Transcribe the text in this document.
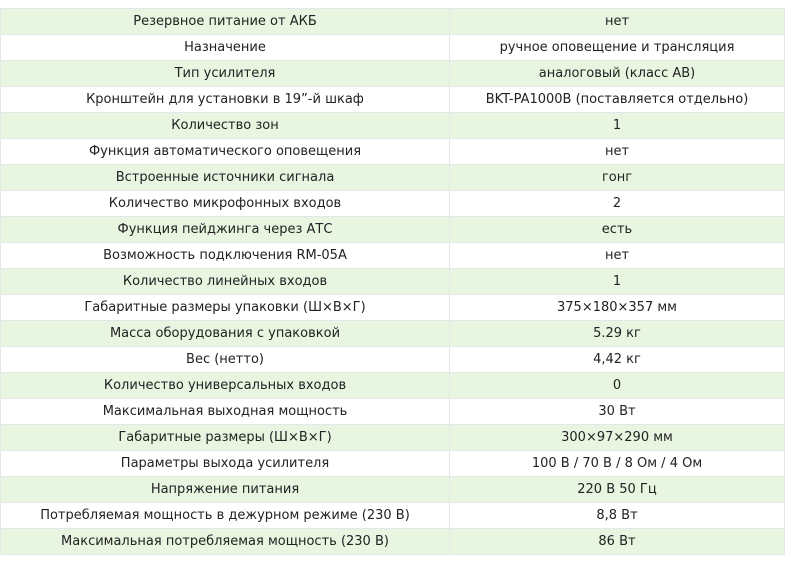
Резервное питание от АКБ	нет
Назначение	ручное оповещение и трансляция
Тип усилителя	аналоговый (класс AB)
Кронштейн для установки в 19”-й шкаф	BKT-PA1000B (поставляется отдельно)
Количество зон	1
Функция автоматического оповещения	нет
Встроенные источники сигнала	гонг
Количество микрофонных входов	2
Функция пейджинга через АТС	есть
Возможность подключения RM-05A	нет
Количество линейных входов	1
Габаритные размеры упаковки (Ш×В×Г)	375×180×357 мм
Масса оборудования с упаковкой	5.29 кг
Вес (нетто)	4,42 кг
Количество универсальных входов	0
Максимальная выходная мощность	30 Вт
Габаритные размеры (Ш×В×Г)	300×97×290 мм
Параметры выхода усилителя	100 В / 70 В / 8 Ом / 4 Ом
Напряжение питания	220 В 50 Гц
Потребляемая мощность в дежурном режиме (230 В)	8,8 Вт
Максимальная потребляемая мощность (230 В)	86 Вт
